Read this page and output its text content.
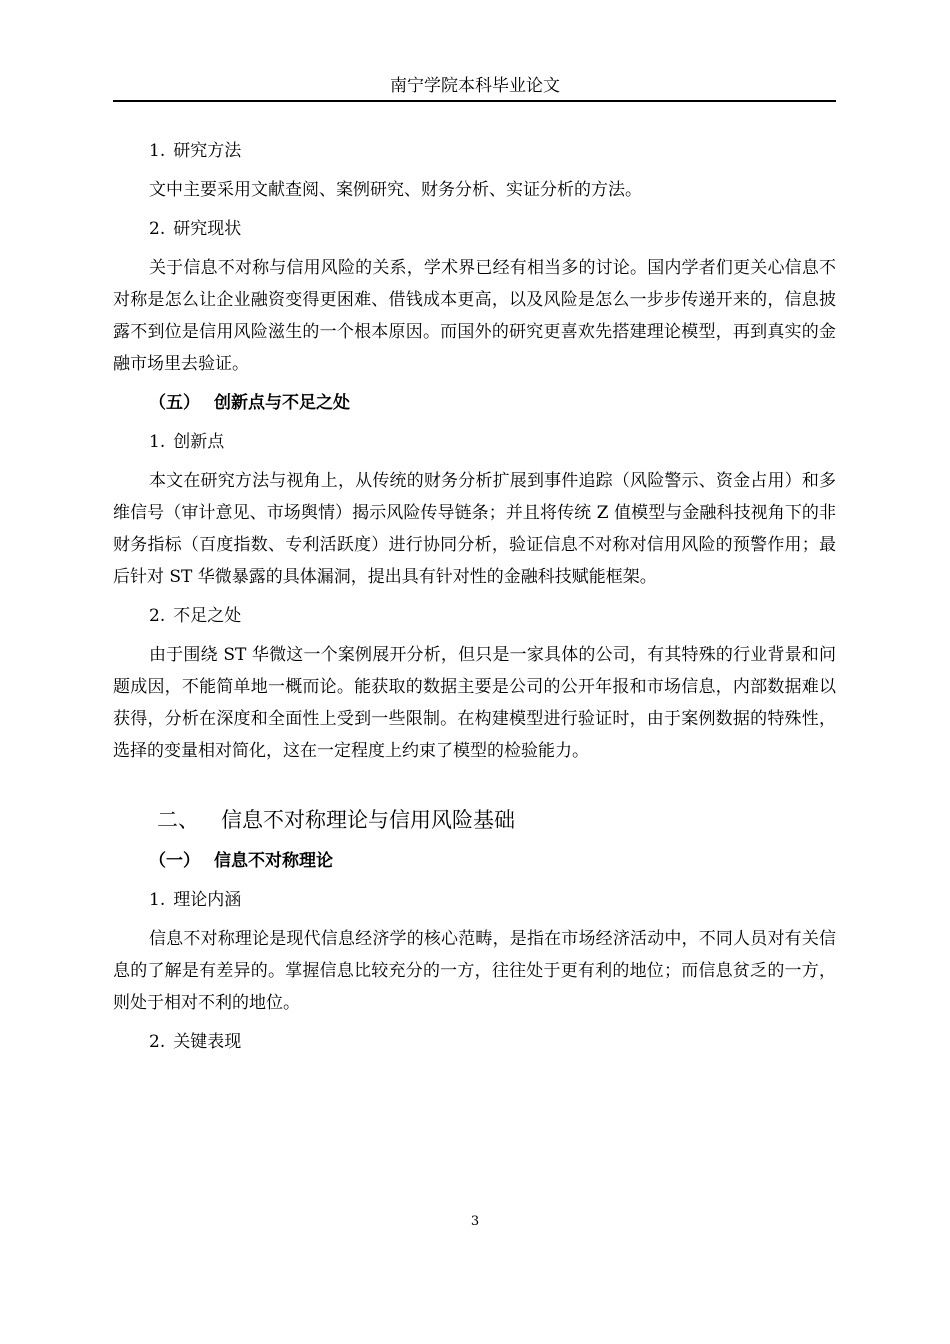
南宁学院本科毕业论文
1. 研究方法
文中主要采用文献查阅、案例研究、财务分析、实证分析的方法。
2. 研究现状
关于信息不对称与信用风险的关系，学术界已经有相当多的讨论。国内学者们更关心信息不对称是怎么让企业融资变得更困难、借钱成本更高，以及风险是怎么一步步传递开来的，信息披露不到位是信用风险滋生的一个根本原因。而国外的研究更喜欢先搭建理论模型，再到真实的金融市场里去验证。
（五） 创新点与不足之处
1. 创新点
本文在研究方法与视角上，从传统的财务分析扩展到事件追踪（风险警示、资金占用）和多维信号（审计意见、市场舆情）揭示风险传导链条；并且将传统 Z 值模型与金融科技视角下的非财务指标（百度指数、专利活跃度）进行协同分析，验证信息不对称对信用风险的预警作用；最后针对 ST 华微暴露的具体漏洞，提出具有针对性的金融科技赋能框架。
2. 不足之处
由于围绕 ST 华微这一个案例展开分析，但只是一家具体的公司，有其特殊的行业背景和问题成因，不能简单地一概而论。能获取的数据主要是公司的公开年报和市场信息，内部数据难以获得，分析在深度和全面性上受到一些限制。在构建模型进行验证时，由于案例数据的特殊性，选择的变量相对简化，这在一定程度上约束了模型的检验能力。
二、 信息不对称理论与信用风险基础
（一） 信息不对称理论
1. 理论内涵
信息不对称理论是现代信息经济学的核心范畴，是指在市场经济活动中，不同人员对有关信息的了解是有差异的。掌握信息比较充分的一方，往往处于更有利的地位；而信息贫乏的一方，则处于相对不利的地位。
2. 关键表现
3
